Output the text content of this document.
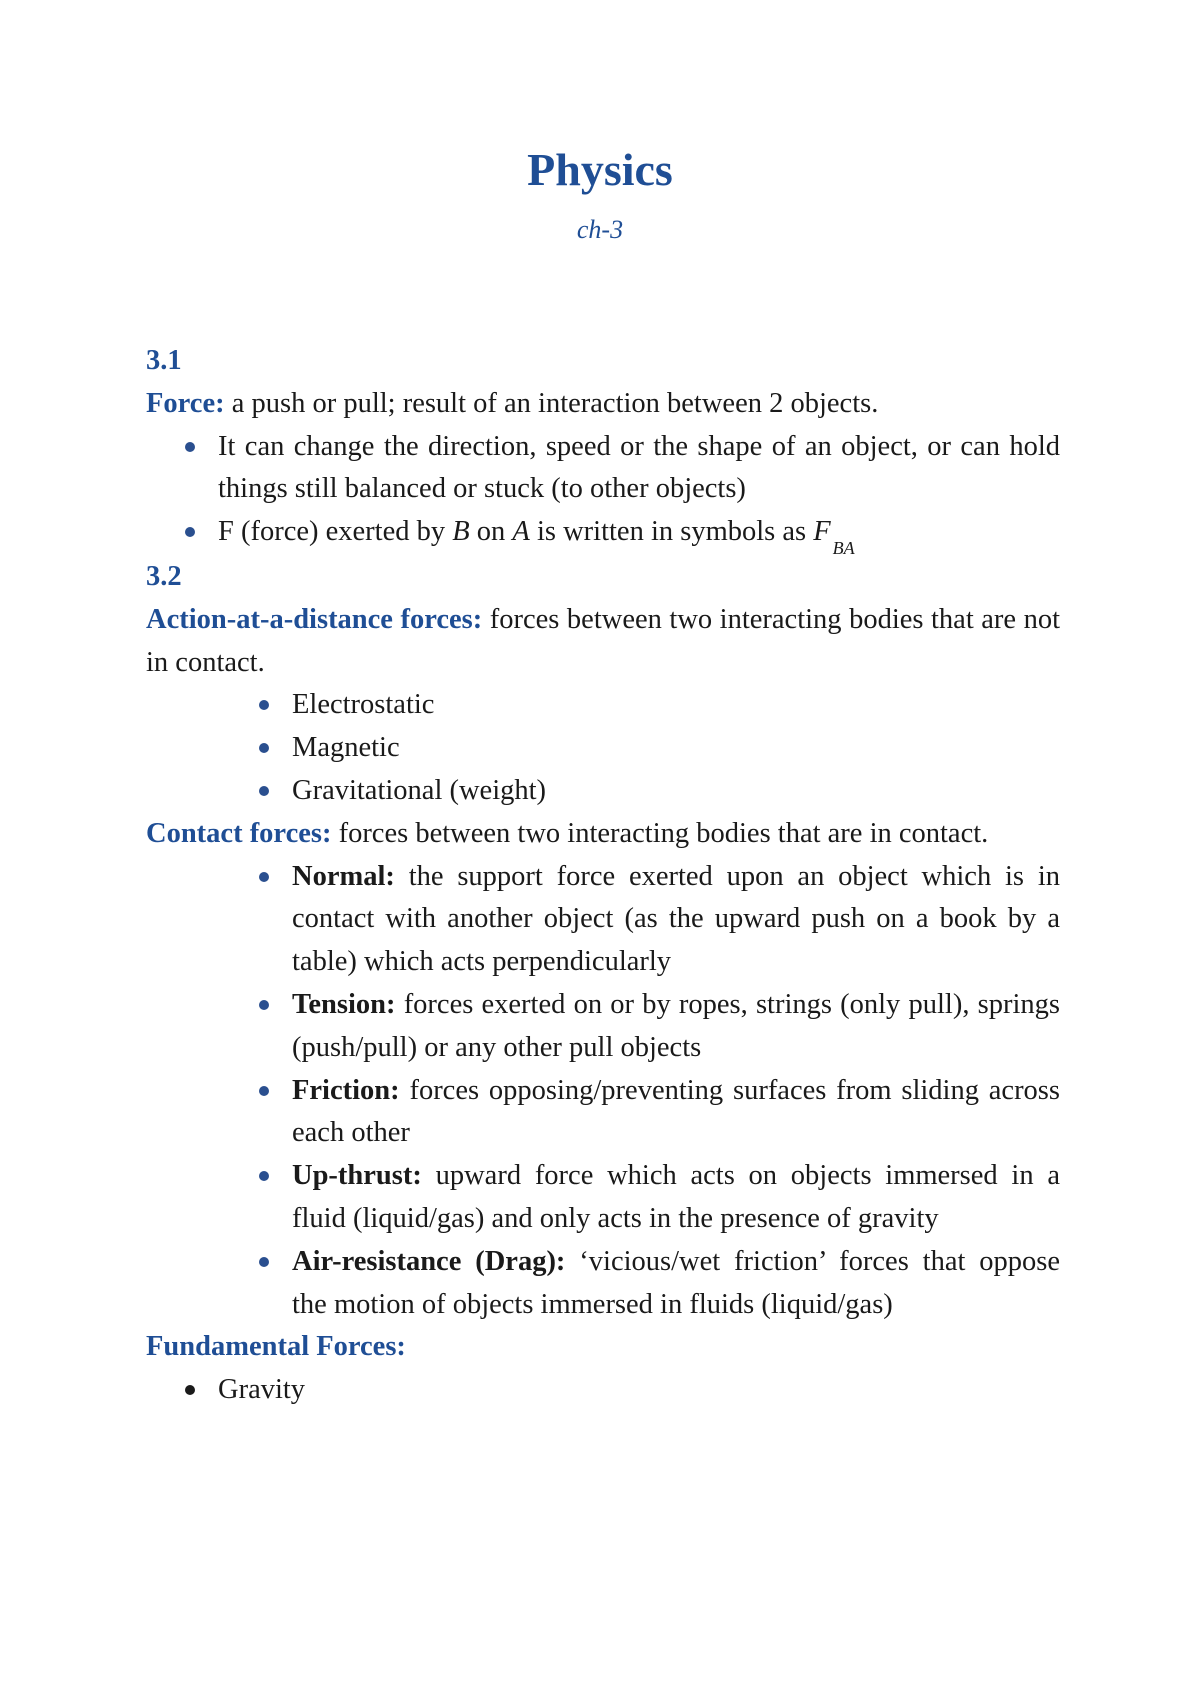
Physics
ch-3

3.1

Force: a push or pull; result of an interaction between 2 objects.

It can change the direction, speed or the shape of an object, or can hold things still balanced or stuck (to other objects)
F (force) exerted by B on A is written in symbols as $F_{BA}$

3.2

Action-at-a-distance forces: forces between two interacting bodies that are not in contact.

Electrostatic
Magnetic
Gravitational (weight)

Contact forces: forces between two interacting bodies that are in contact.

Normal: the support force exerted upon an object which is in contact with another object (as the upward push on a book by a table) which acts perpendicularly
Tension: forces exerted on or by ropes, strings (only pull), springs (push/pull) or any other pull objects
Friction: forces opposing/preventing surfaces from sliding across each other
Up-thrust: upward force which acts on objects immersed in a fluid (liquid/gas) and only acts in the presence of gravity
Air-resistance (Drag): ‘vicious/wet friction’ forces that oppose the motion of objects immersed in fluids (liquid/gas)

Fundamental Forces:

Gravity
